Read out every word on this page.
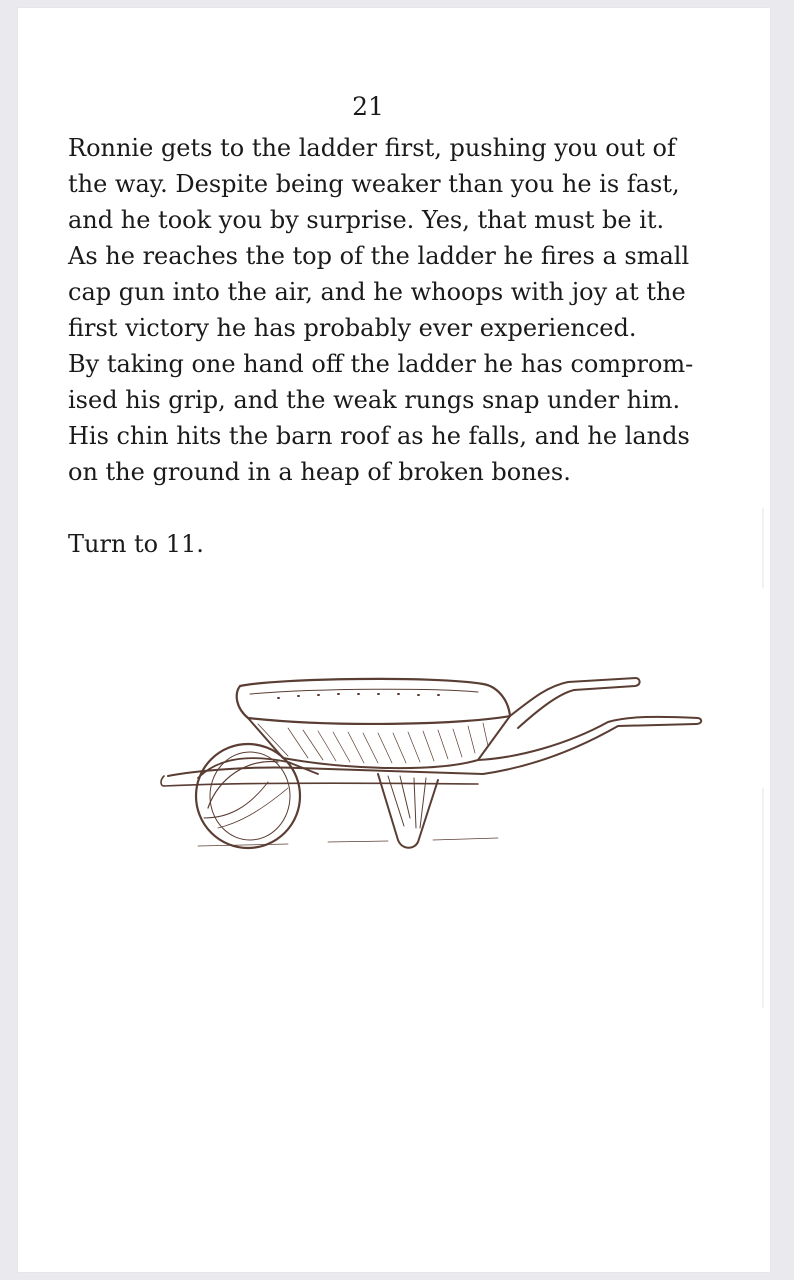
21
Ronnie gets to the ladder first, pushing you out of
the way. Despite being weaker than you he is fast,
and he took you by surprise. Yes, that must be it.
As he reaches the top of the ladder he fires a small
cap gun into the air, and he whoops with joy at the
first victory he has probably ever experienced.
By taking one hand off the ladder he has comprom-
ised his grip, and the weak rungs snap under him.
His chin hits the barn roof as he falls, and he lands
on the ground in a heap of broken bones.
Turn to 11.
